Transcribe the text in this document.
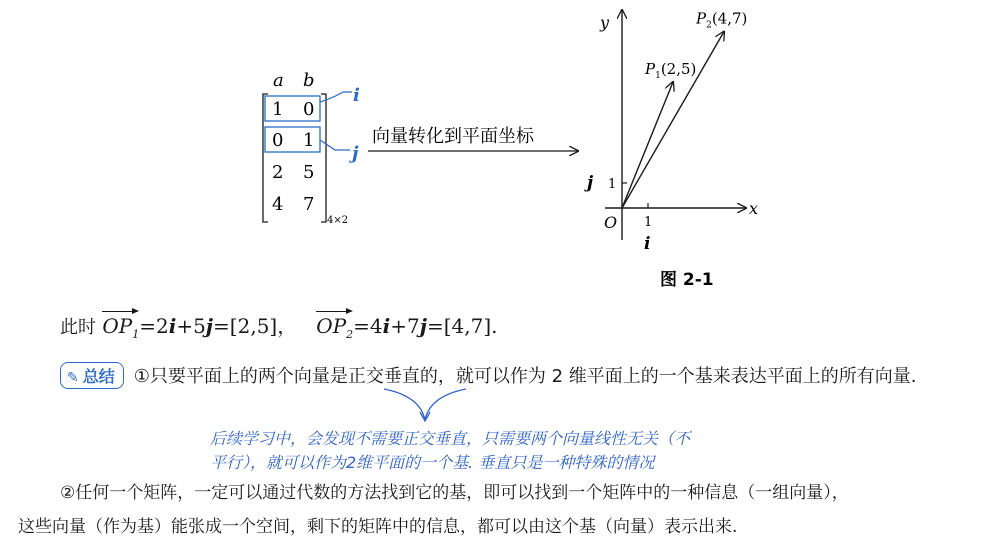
a b
1 0
0 1
2 5
4 7
4×2
i
j
向量转化到平面坐标
y
x
O 1
1
j
i
$P_1(2,5)$
$P_2(4,7)$
图 2-1
此时 $OP_1=2i+5j=[2,5]$， $OP_2=4i+7j=[4,7]$.
✎ 总结 ①只要平面上的两个向量是正交垂直的，就可以作为 2 维平面上的一个基来表达平面上的所有向量.
后续学习中，会发现不需要正交垂直，只需要两个向量线性无关（不
平行），就可以作为2维平面的一个基. 垂直只是一种特殊的情况
②任何一个矩阵，一定可以通过代数的方法找到它的基，即可以找到一个矩阵中的一种信息（一组向量），
这些向量（作为基）能张成一个空间，剩下的矩阵中的信息，都可以由这个基（向量）表示出来.
